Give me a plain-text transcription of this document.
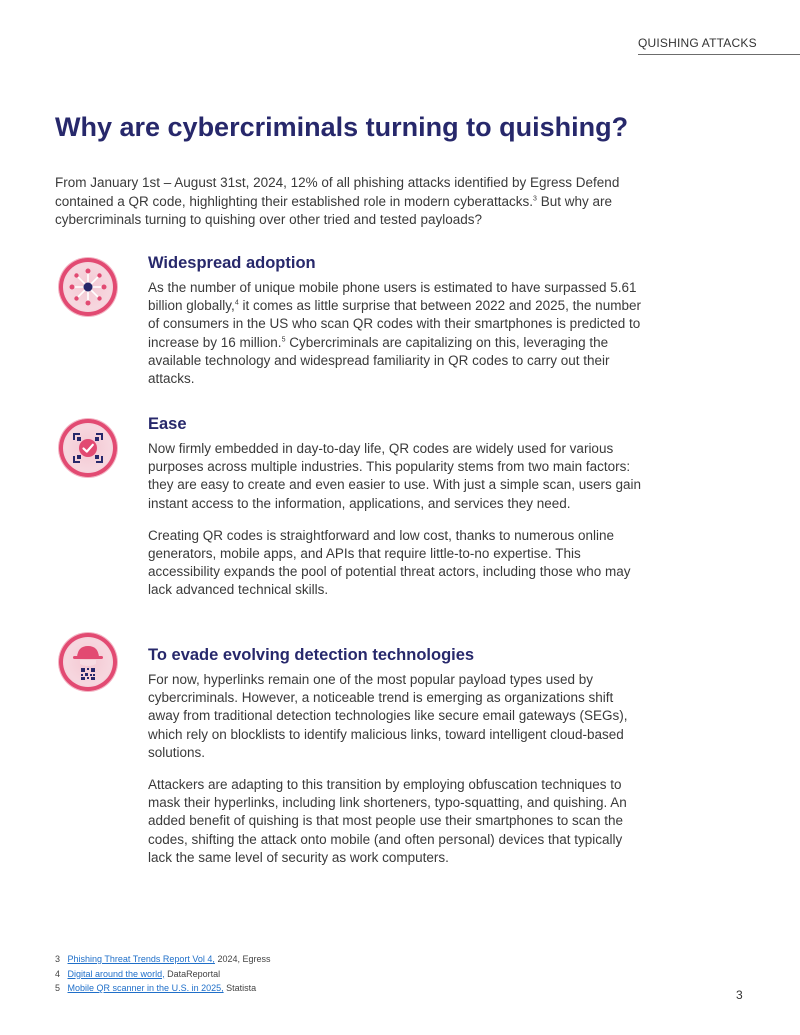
QUISHING ATTACKS
Why are cybercriminals turning to quishing?

From January 1st – August 31st, 2024, 12% of all phishing attacks identified by Egress Defend contained a QR code, highlighting their established role in modern cyberattacks.$^3$ But why are cybercriminals turning to quishing over other tried and tested payloads?

Widespread adoption

As the number of unique mobile phone users is estimated to have surpassed 5.61 billion globally,$^4$ it comes as little surprise that between 2022 and 2025, the number of consumers in the US who scan QR codes with their smartphones is predicted to increase by 16 million.$^5$ Cybercriminals are capitalizing on this, leveraging the available technology and widespread familiarity in QR codes to carry out their attacks.

Ease

Now firmly embedded in day-to-day life, QR codes are widely used for various purposes across multiple industries. This popularity stems from two main factors: they are easy to create and even easier to use. With just a simple scan, users gain instant access to the information, applications, and services they need.

Creating QR codes is straightforward and low cost, thanks to numerous online generators, mobile apps, and APIs that require little-to-no expertise. This accessibility expands the pool of potential threat actors, including those who may lack advanced technical skills.

To evade evolving detection technologies

For now, hyperlinks remain one of the most popular payload types used by cybercriminals. However, a noticeable trend is emerging as organizations shift away from traditional detection technologies like secure email gateways (SEGs), which rely on blocklists to identify malicious links, toward intelligent cloud-based solutions.

Attackers are adapting to this transition by employing obfuscation techniques to mask their hyperlinks, including link shorteners, typo-squatting, and quishing. An added benefit of quishing is that most people use their smartphones to scan the codes, shifting the attack onto mobile (and often personal) devices that typically lack the same level of security as work computers.

3 Phishing Threat Trends Report Vol 4, 2024, Egress
4 Digital around the world, DataReportal
5 Mobile QR scanner in the U.S. in 2025, Statista	3
